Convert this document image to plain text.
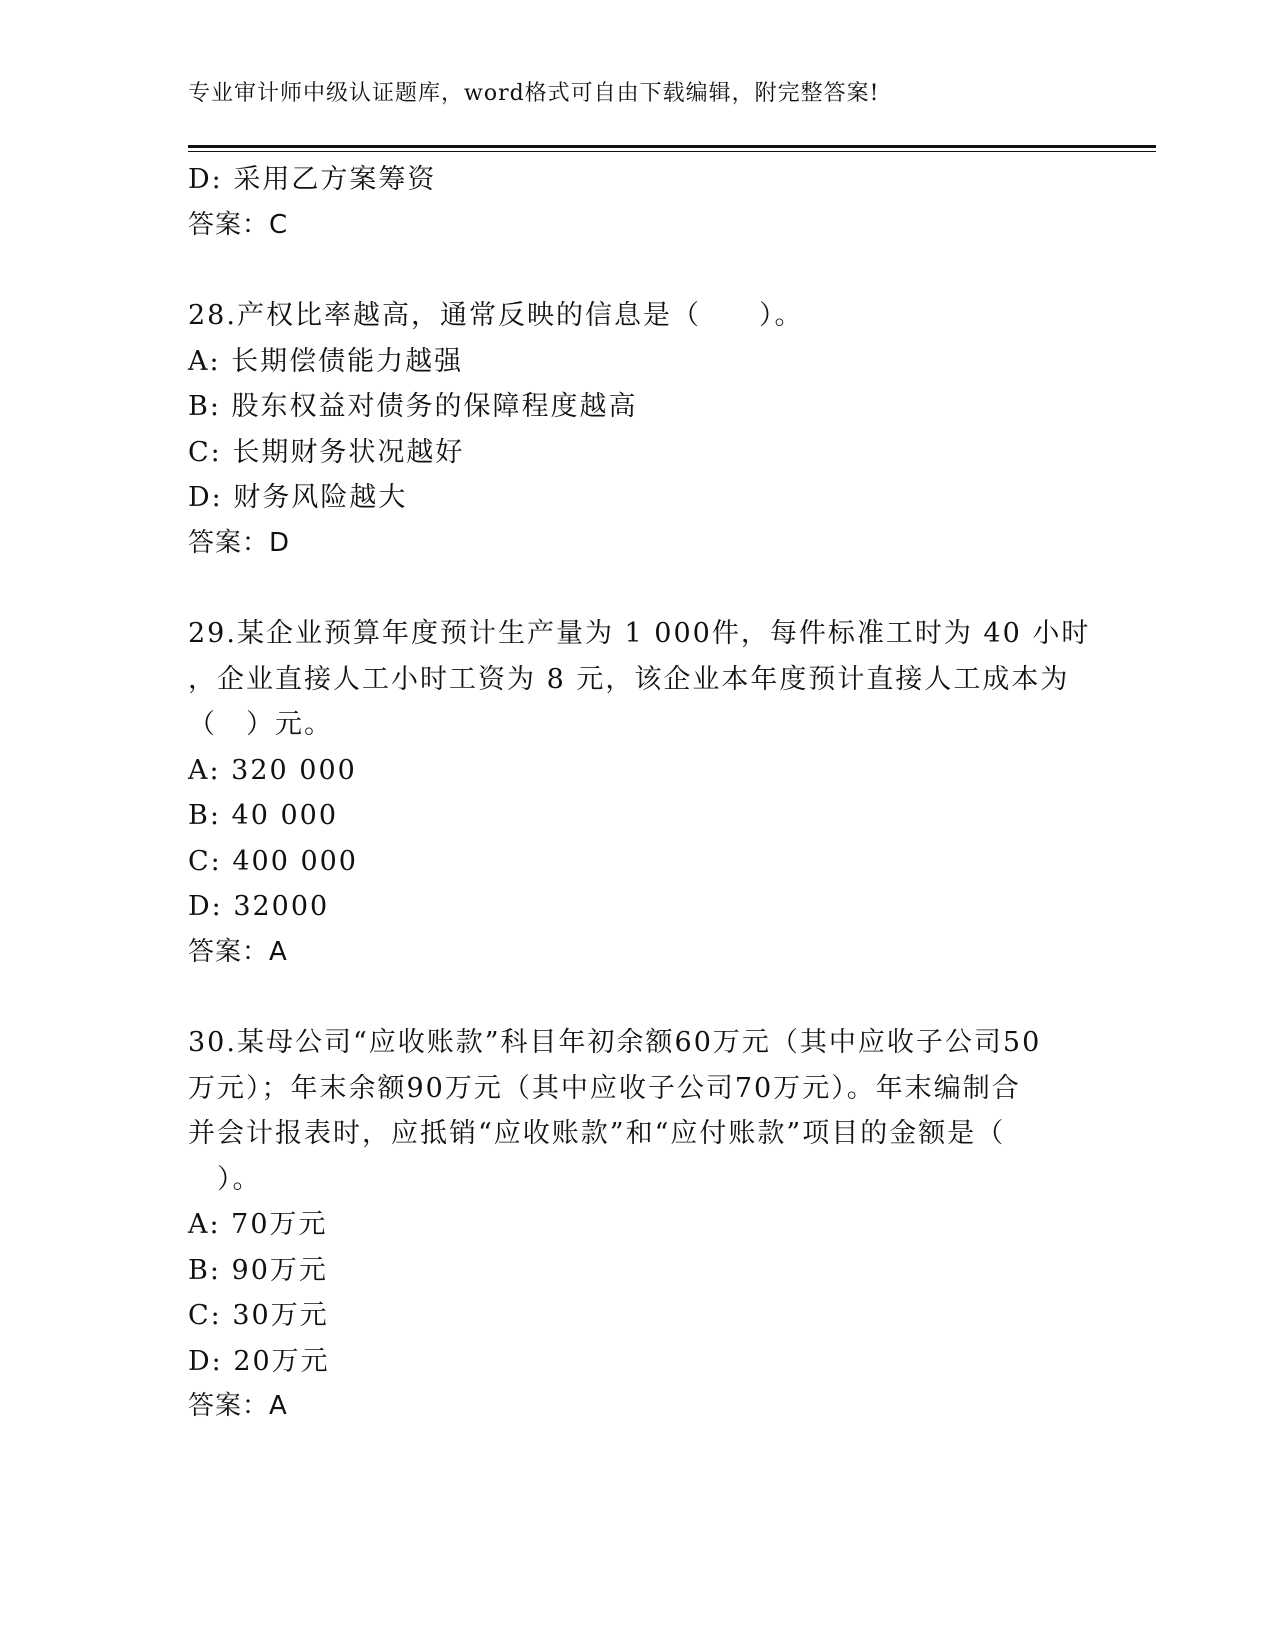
专业审计师中级认证题库，word格式可自由下载编辑，附完整答案!
D: 采用乙方案筹资
答案：C
28.产权比率越高，通常反映的信息是（　　）。
A: 长期偿债能力越强
B: 股东权益对债务的保障程度越高
C: 长期财务状况越好
D: 财务风险越大
答案：D
29.某企业预算年度预计生产量为 1 000件，每件标准工时为 40 小时
，企业直接人工小时工资为 8 元，该企业本年度预计直接人工成本为
（　）元。
A: 320 000
B: 40 000
C: 400 000
D: 32000
答案：A
30.某母公司“应收账款”科目年初余额60万元（其中应收子公司50
万元）；年末余额90万元（其中应收子公司70万元）。年末编制合
并会计报表时，应抵销“应收账款”和“应付账款”项目的金额是（
　）。
A: 70万元
B: 90万元
C: 30万元
D: 20万元
答案：A
